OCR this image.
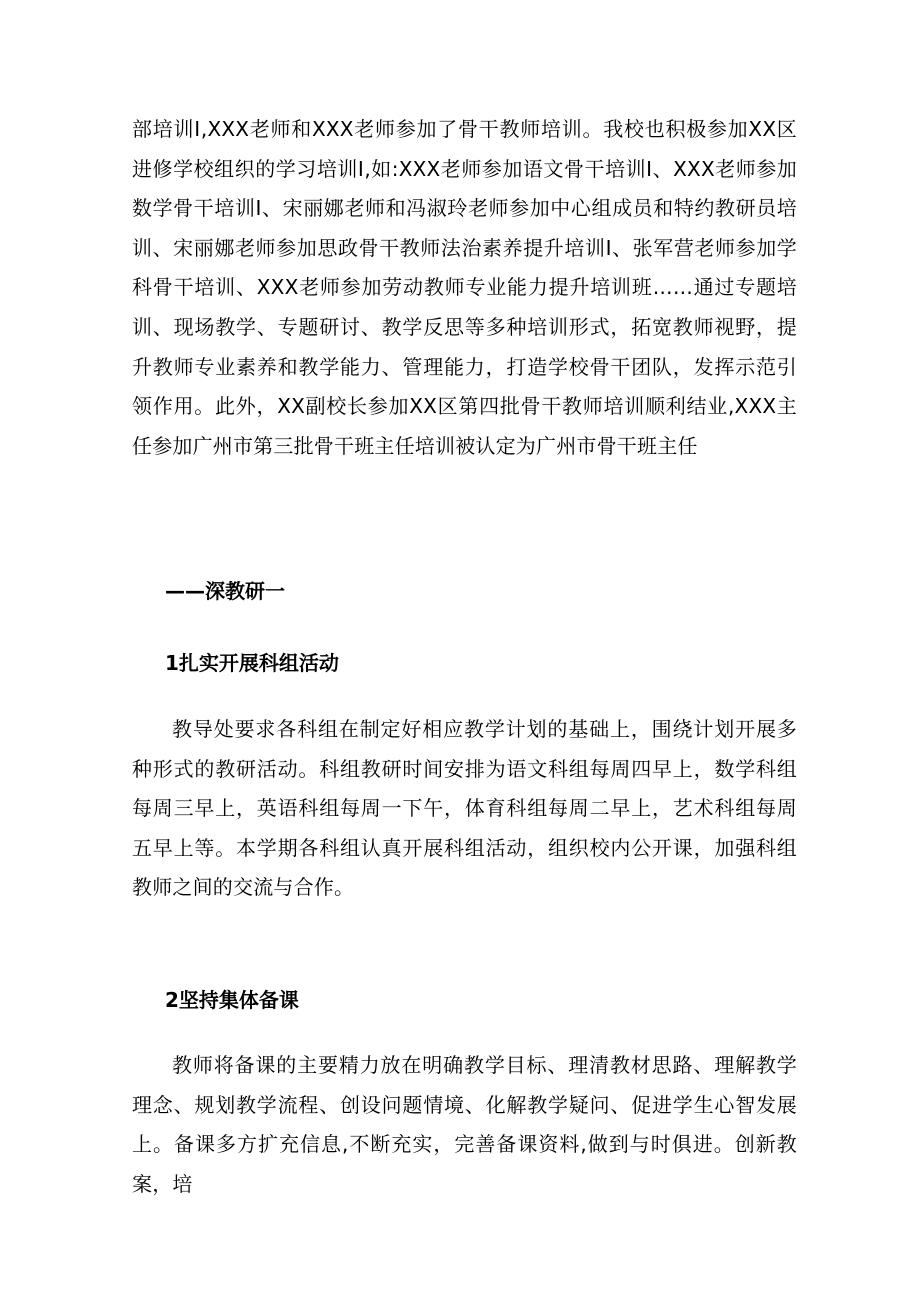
部培训Ⅰ,XXX老师和XXX老师参加了骨干教师培训。我校也积极参加XX区进修学校组织的学习培训Ⅰ,如:XXX老师参加语文骨干培训Ⅰ、XXX老师参加数学骨干培训Ⅰ、宋丽娜老师和冯淑玲老师参加中心组成员和特约教研员培训、宋丽娜老师参加思政骨干教师法治素养提升培训Ⅰ、张军营老师参加学科骨干培训、XXX老师参加劳动教师专业能力提升培训班……通过专题培训、现场教学、专题研讨、教学反思等多种培训形式，拓宽教师视野，提升教师专业素养和教学能力、管理能力，打造学校骨干团队，发挥示范引领作用。此外，XX副校长参加XX区第四批骨干教师培训顺利结业,XXX主任参加广州市第三批骨干班主任培训被认定为广州市骨干班主任

——深教研一
1扎实开展科组活动

教导处要求各科组在制定好相应教学计划的基础上，围绕计划开展多种形式的教研活动。科组教研时间安排为语文科组每周四早上，数学科组每周三早上，英语科组每周一下午，体育科组每周二早上，艺术科组每周五早上等。本学期各科组认真开展科组活动，组织校内公开课，加强科组教师之间的交流与合作。

2坚持集体备课

教师将备课的主要精力放在明确教学目标、理清教材思路、理解教学理念、规划教学流程、创设问题情境、化解教学疑问、促进学生心智发展上。备课多方扩充信息,不断充实，完善备课资料,做到与时俱进。创新教案，培
